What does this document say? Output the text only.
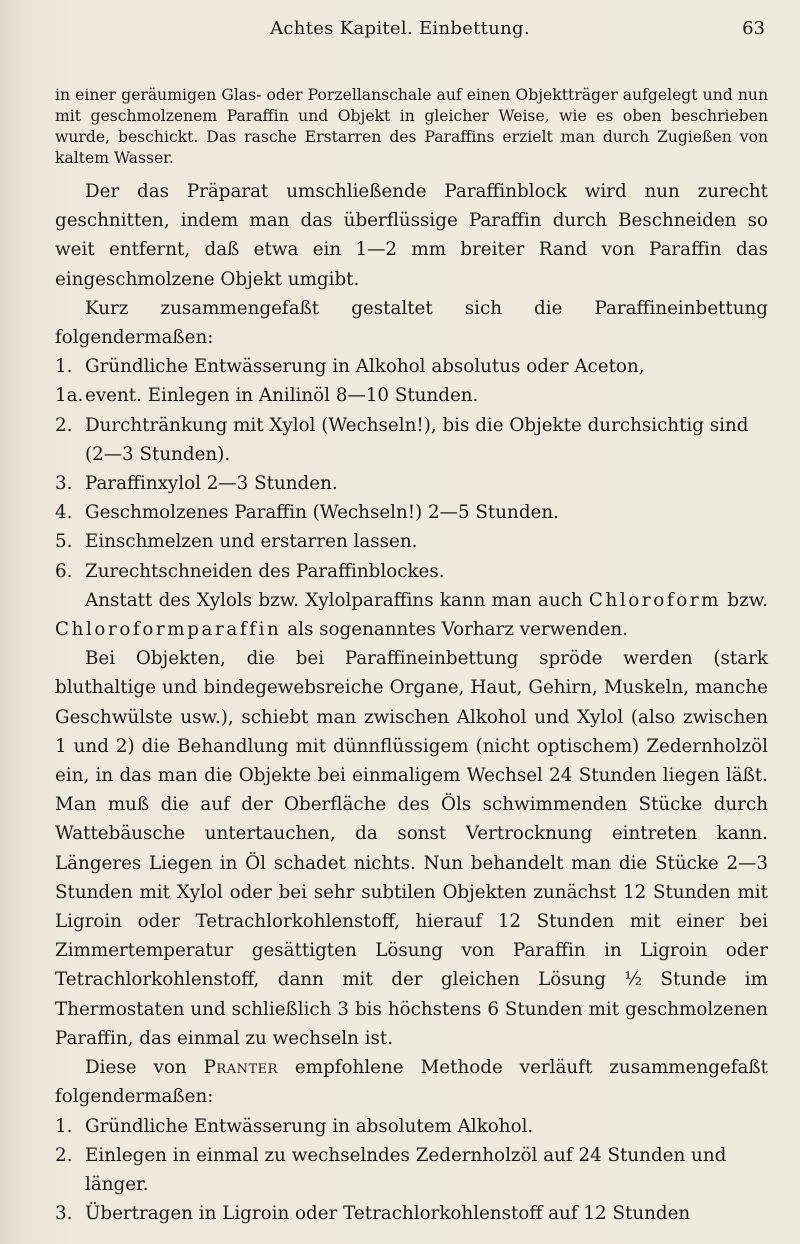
Achtes Kapitel. Einbettung.	63

in einer geräumigen Glas- oder Porzellanschale auf einen Objektträger aufgelegt und nun mit geschmolzenem Paraffin und Objekt in gleicher Weise, wie es oben beschrieben wurde, beschickt. Das rasche Erstarren des Paraffins erzielt man durch Zugießen von kaltem Wasser.

Der das Präparat umschließende Paraffinblock wird nun zurecht geschnitten, indem man das überflüssige Paraffin durch Beschneiden so weit entfernt, daß etwa ein 1—2 mm breiter Rand von Paraffin das eingeschmolzene Objekt umgibt.

Kurz zusammengefaßt gestaltet sich die Paraffineinbettung folgendermaßen:

1. Gründliche Entwässerung in Alkohol absolutus oder Aceton,
1a. event. Einlegen in Anilinöl 8—10 Stunden.
2. Durchtränkung mit Xylol (Wechseln!), bis die Objekte durchsichtig sind (2—3 Stunden).
3. Paraffinxylol 2—3 Stunden.
4. Geschmolzenes Paraffin (Wechseln!) 2—5 Stunden.
5. Einschmelzen und erstarren lassen.
6. Zurechtschneiden des Paraffinblockes.

Anstatt des Xylols bzw. Xylolparaffins kann man auch Chloroform bzw. Chloroformparaffin als sogenanntes Vorharz verwenden.

Bei Objekten, die bei Paraffineinbettung spröde werden (stark bluthaltige und bindegewebsreiche Organe, Haut, Gehirn, Muskeln, manche Geschwülste usw.), schiebt man zwischen Alkohol und Xylol (also zwischen 1 und 2) die Behandlung mit dünnflüssigem (nicht optischem) Zedernholzöl ein, in das man die Objekte bei einmaligem Wechsel 24 Stunden liegen läßt. Man muß die auf der Oberfläche des Öls schwimmenden Stücke durch Wattebäusche untertauchen, da sonst Vertrocknung eintreten kann. Längeres Liegen in Öl schadet nichts. Nun behandelt man die Stücke 2—3 Stunden mit Xylol oder bei sehr subtilen Objekten zunächst 12 Stunden mit Ligroin oder Tetrachlorkohlenstoff, hierauf 12 Stunden mit einer bei Zimmertemperatur gesättigten Lösung von Paraffin in Ligroin oder Tetrachlorkohlenstoff, dann mit der gleichen Lösung ½ Stunde im Thermostaten und schließlich 3 bis höchstens 6 Stunden mit geschmolzenen Paraffin, das einmal zu wechseln ist.

Diese von Pranter empfohlene Methode verläuft zusammengefaßt folgendermaßen:

1. Gründliche Entwässerung in absolutem Alkohol.
2. Einlegen in einmal zu wechselndes Zedernholzöl auf 24 Stunden und länger.
3. Übertragen in Ligroin oder Tetrachlorkohlenstoff auf 12 Stunden
